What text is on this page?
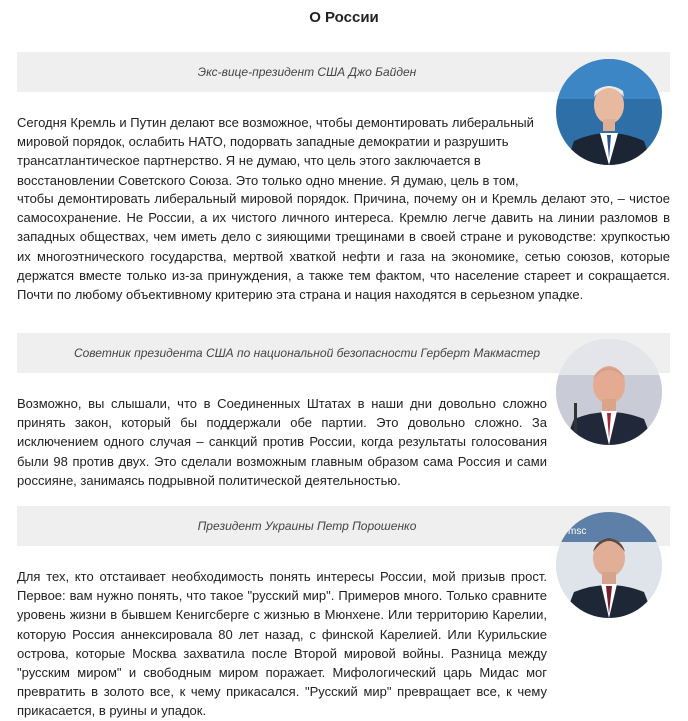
О России
Экс-вице-президент США Джо Байден
Сегодня Кремль и Путин делают все возможное, чтобы демонтировать либеральный
мировой порядок, ослабить НАТО, подорвать западные демократии и разрушить
трансатлантическое партнерство. Я не думаю, что цель этого заключается в
восстановлении Советского Союза. Это только одно мнение. Я думаю, цель в том,
чтобы демонтировать либеральный мировой порядок. Причина, почему он и Кремль делают это, – чистое самосохранение. Не России, а их чистого личного интереса. Кремлю легче давить на линии разломов в западных обществах, чем иметь дело с зияющими трещинами в своей стране и руководстве: хрупкостью их многоэтнического государства, мертвой хваткой нефти и газа на экономике, сетью союзов, которые держатся вместе только из-за принуждения, а также тем фактом, что население стареет и сокращается. Почти по любому объективному критерию эта страна и нация находятся в серьезном упадке.
Советник президента США по национальной безопасности Герберт Макмастер
Возможно, вы слышали, что в Соединенных Штатах в наши дни довольно сложно принять закон, который бы поддержали обе партии. Это довольно сложно. За исключением одного случая – санкций против России, когда результаты голосования были 98 против двух. Это сделали возможным главным образом сама Россия и сами россияне, занимаясь подрывной политической деятельностью.
Президент Украины Петр Порошенко	msc
Для тех, кто отстаивает необходимость понять интересы России, мой призыв прост. Первое: вам нужно понять, что такое "русский мир". Примеров много. Только сравните уровень жизни в бывшем Кенигсберге с жизнью в Мюнхене. Или территорию Карелии, которую Россия аннексировала 80 лет назад, с финской Карелией. Или Курильские острова, которые Москва захватила после Второй мировой войны. Разница между "русским миром" и свободным миром поражает. Мифологический царь Мидас мог превратить в золото все, к чему прикасался. "Русский мир" превращает все, к чему прикасается, в руины и упадок.
